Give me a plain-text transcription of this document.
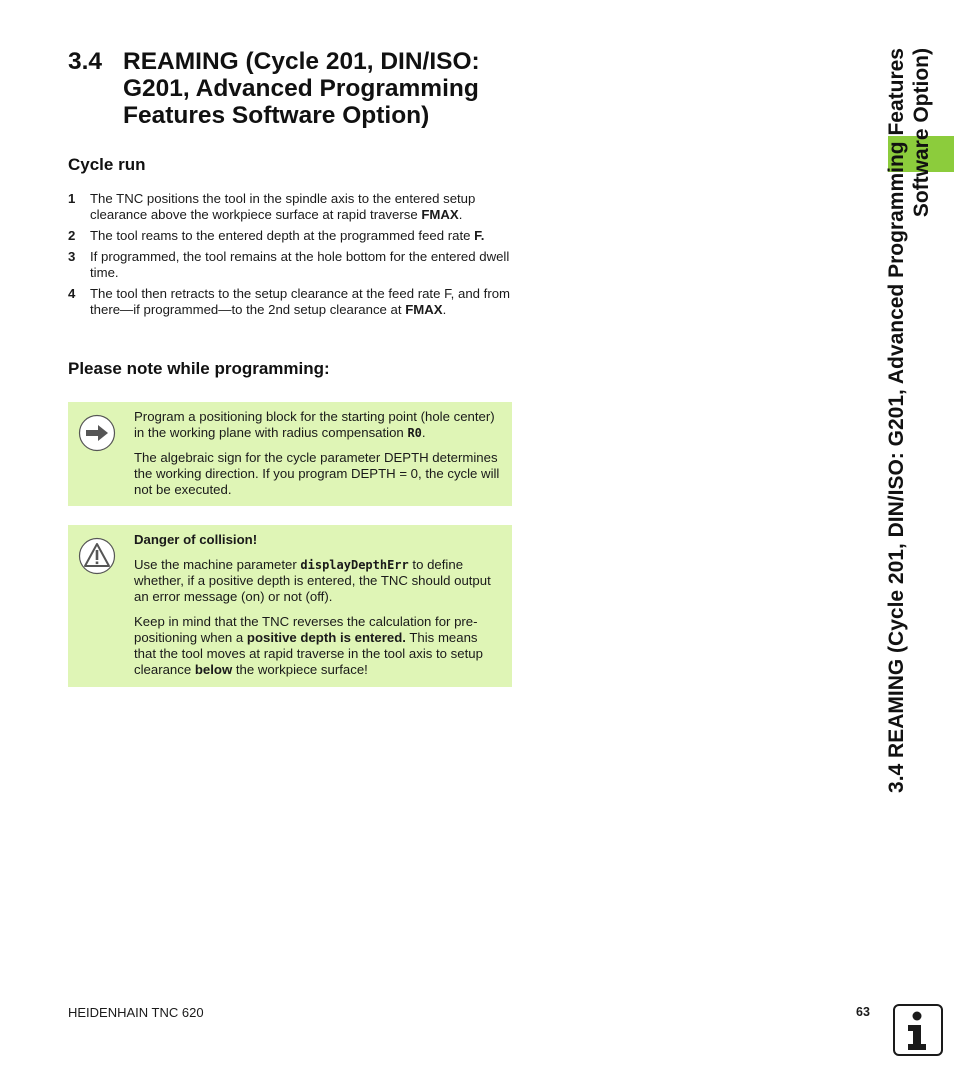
3.4 REAMING (Cycle 201, DIN/ISO: G201, Advanced Programming Features Software Option)
Cycle run
1 The TNC positions the tool in the spindle axis to the entered setup clearance above the workpiece surface at rapid traverse FMAX.
2 The tool reams to the entered depth at the programmed feed rate F.
3 If programmed, the tool remains at the hole bottom for the entered dwell time.
4 The tool then retracts to the setup clearance at the feed rate F, and from there—if programmed—to the 2nd setup clearance at FMAX.
Please note while programming:

Program a positioning block for the starting point (hole center) in the working plane with radius compensation R0.

The algebraic sign for the cycle parameter DEPTH determines the working direction. If you program DEPTH = 0, the cycle will not be executed.

Danger of collision!

Use the machine parameter displayDepthErr to define whether, if a positive depth is entered, the TNC should output an error message (on) or not (off).

Keep in mind that the TNC reverses the calculation for pre-positioning when a positive depth is entered. This means that the tool moves at rapid traverse in the tool axis to setup clearance below the workpiece surface!	3.4 REAMING (Cycle 201, DIN/ISO: G201, Advanced Programming Features Software Option)
HEIDENHAIN TNC 620	63
